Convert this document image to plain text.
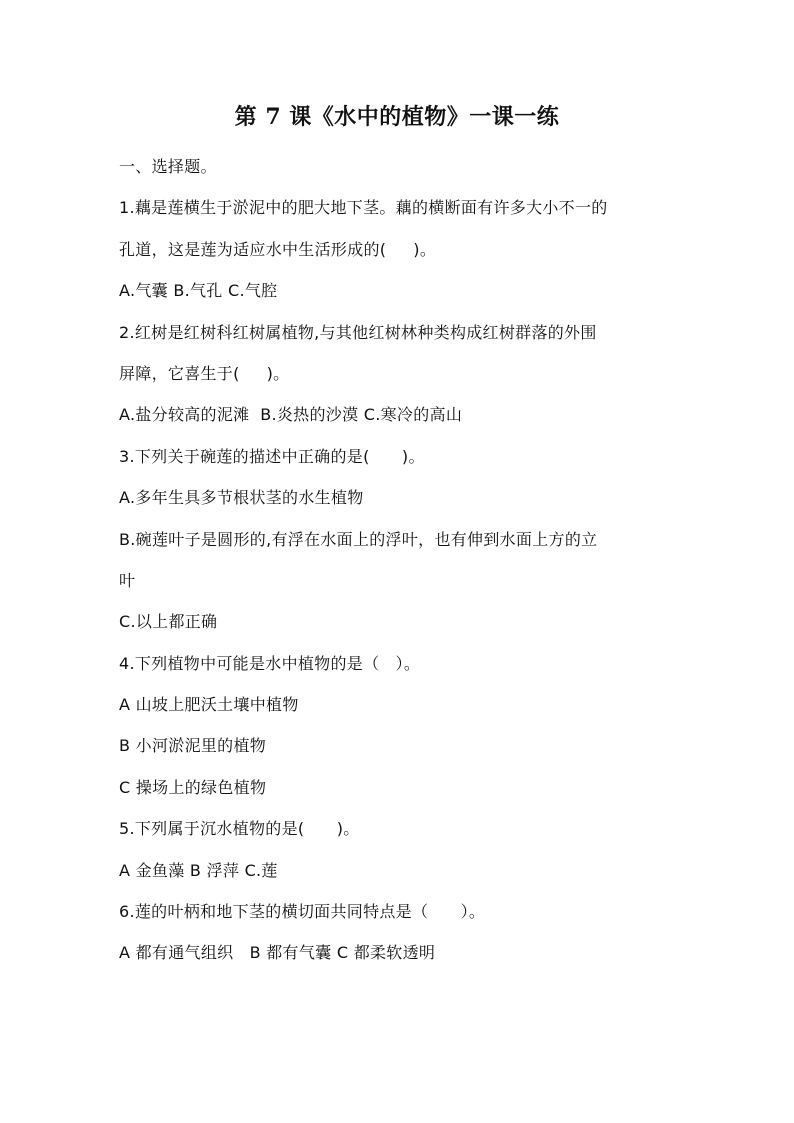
第 7 课《水中的植物》一课一练
一、选择题。
1.藕是莲横生于淤泥中的肥大地下茎。藕的横断面有许多大小不一的
孔道，这是莲为适应水中生活形成的(     )。
A.气囊 B.气孔 C.气腔
2.红树是红树科红树属植物,与其他红树林种类构成红树群落的外围
屏障，它喜生于(     )。
A.盐分较高的泥滩  B.炎热的沙漠 C.寒冷的高山
3.下列关于碗莲的描述中正确的是(      )。
A.多年生具多节根状茎的水生植物
B.碗莲叶子是圆形的,有浮在水面上的浮叶，也有伸到水面上方的立
叶
C.以上都正确
4.下列植物中可能是水中植物的是（   ）。
A 山坡上肥沃土壤中植物
B 小河淤泥里的植物
C 操场上的绿色植物
5.下列属于沉水植物的是(      )。
A 金鱼藻 B 浮萍 C.莲
6.莲的叶柄和地下茎的横切面共同特点是（      ）。
A 都有通气组织   B 都有气囊 C 都柔软透明
